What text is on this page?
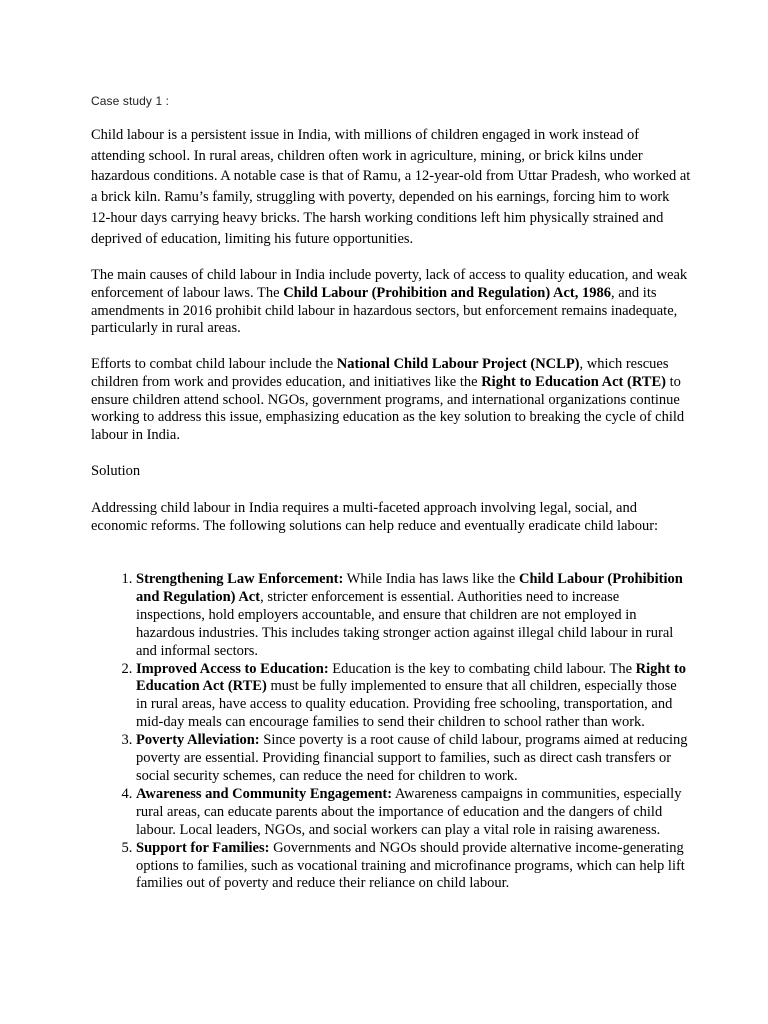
Case study 1 :

Child labour is a persistent issue in India, with millions of children engaged in work instead of attending school. In rural areas, children often work in agriculture, mining, or brick kilns under hazardous conditions. A notable case is that of Ramu, a 12-year-old from Uttar Pradesh, who worked at a brick kiln. Ramu’s family, struggling with poverty, depended on his earnings, forcing him to work 12-hour days carrying heavy bricks. The harsh working conditions left him physically strained and deprived of education, limiting his future opportunities.

The main causes of child labour in India include poverty, lack of access to quality education, and weak enforcement of labour laws. The Child Labour (Prohibition and Regulation) Act, 1986, and its amendments in 2016 prohibit child labour in hazardous sectors, but enforcement remains inadequate, particularly in rural areas.

Efforts to combat child labour include the National Child Labour Project (NCLP), which rescues children from work and provides education, and initiatives like the Right to Education Act (RTE) to ensure children attend school. NGOs, government programs, and international organizations continue working to address this issue, emphasizing education as the key solution to breaking the cycle of child labour in India.

Solution

Addressing child labour in India requires a multi-faceted approach involving legal, social, and economic reforms. The following solutions can help reduce and eventually eradicate child labour:

1. Strengthening Law Enforcement: While India has laws like the Child Labour (Prohibition and Regulation) Act, stricter enforcement is essential. Authorities need to increase inspections, hold employers accountable, and ensure that children are not employed in hazardous industries. This includes taking stronger action against illegal child labour in rural and informal sectors.
2. Improved Access to Education: Education is the key to combating child labour. The Right to Education Act (RTE) must be fully implemented to ensure that all children, especially those in rural areas, have access to quality education. Providing free schooling, transportation, and mid-day meals can encourage families to send their children to school rather than work.
3. Poverty Alleviation: Since poverty is a root cause of child labour, programs aimed at reducing poverty are essential. Providing financial support to families, such as direct cash transfers or social security schemes, can reduce the need for children to work.
4. Awareness and Community Engagement: Awareness campaigns in communities, especially rural areas, can educate parents about the importance of education and the dangers of child labour. Local leaders, NGOs, and social workers can play a vital role in raising awareness.
5. Support for Families: Governments and NGOs should provide alternative income-generating options to families, such as vocational training and microfinance programs, which can help lift families out of poverty and reduce their reliance on child labour.
